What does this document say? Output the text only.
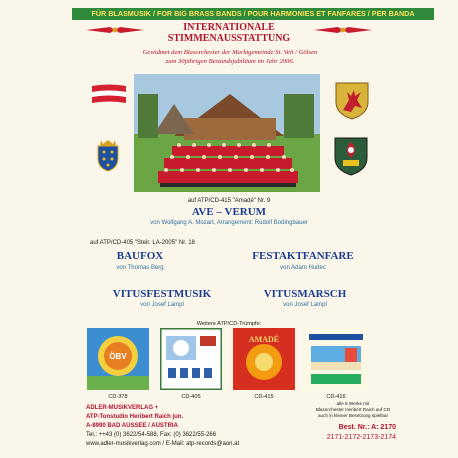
FÜR BLASMUSIK / FOR BIG BRASS BANDS / POUR HARMONIES ET FANFARES / PER BANDA
INTERNATIONALE
STIMMENAUSSTATTUNG
Gewidmet dem Blasorchester der Marktgemeinde St. Veit / Gölsen
zum 30jährigen Bestandsjubiläum im Jahr 2006.
auf ATP/CD-415 "Amadé" Nr. 9
AVE – VERUM
von Wolfgang A. Mozart, Arrangement: Rudolf Bodingbauer
auf ATP/CD-405 "Steir. LA-2005" Nr. 18
BAUFOX
von Thomas Berg
FESTAKTFANFARE
von Adam Hudec
VITUSFESTMUSIK
von Josef Lampl
VITUSMARSCH
von Josef Lampl
Weitere ATP/CD-Trümpfe:
ÖBV
AMADÉ
CD-378	CD-405	CD-415	CD-416
ADLER-MUSIKVERLAG +
ATP-Tonstudio Heribert Raich jun.
A-8990 BAD AUSSEE / AUSTRIA
Tel.: ++43 (0) 3622/54-588, Fax: (0) 3622/55-266
www.adler-musikverlag.com / E-Mail: atp-records@aon.at
alle 5 Werke mit
Blasorchester Heribert Raich auf CD
auch in kleiner Besetzung spielbar
Best. Nr.: A: 2170
2171-2172-2173-2174
